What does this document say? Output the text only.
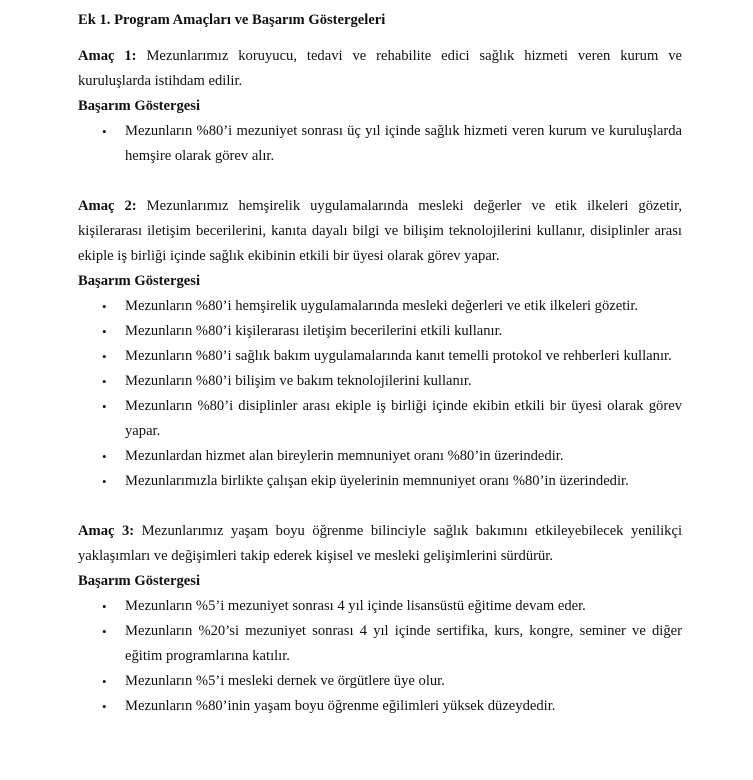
Ek 1. Program Amaçları ve Başarım Göstergeleri

Amaç 1: Mezunlarımız koruyucu, tedavi ve rehabilite edici sağlık hizmeti veren kurum ve kuruluşlarda istihdam edilir.

Başarım Göstergesi

• Mezunların %80’i mezuniyet sonrası üç yıl içinde sağlık hizmeti veren kurum ve kuruluşlarda hemşire olarak görev alır.

Amaç 2: Mezunlarımız hemşirelik uygulamalarında mesleki değerler ve etik ilkeleri gözetir, kişilerarası iletişim becerilerini, kanıta dayalı bilgi ve bilişim teknolojilerini kullanır, disiplinler arası ekiple iş birliği içinde sağlık ekibinin etkili bir üyesi olarak görev yapar.

Başarım Göstergesi

• Mezunların %80’i hemşirelik uygulamalarında mesleki değerleri ve etik ilkeleri gözetir.
• Mezunların %80’i kişilerarası iletişim becerilerini etkili kullanır.
• Mezunların %80’i sağlık bakım uygulamalarında kanıt temelli protokol ve rehberleri kullanır.
• Mezunların %80’i bilişim ve bakım teknolojilerini kullanır.
• Mezunların %80’i disiplinler arası ekiple iş birliği içinde ekibin etkili bir üyesi olarak görev yapar.
• Mezunlardan hizmet alan bireylerin memnuniyet oranı %80’in üzerindedir.
• Mezunlarımızla birlikte çalışan ekip üyelerinin memnuniyet oranı %80’in üzerindedir.

Amaç 3: Mezunlarımız yaşam boyu öğrenme bilinciyle sağlık bakımını etkileyebilecek yenilikçi yaklaşımları ve değişimleri takip ederek kişisel ve mesleki gelişimlerini sürdürür.

Başarım Göstergesi

• Mezunların %5’i mezuniyet sonrası 4 yıl içinde lisansüstü eğitime devam eder.
• Mezunların %20’si mezuniyet sonrası 4 yıl içinde sertifika, kurs, kongre, seminer ve diğer eğitim programlarına katılır.
• Mezunların %5’i mesleki dernek ve örgütlere üye olur.
• Mezunların %80’inin yaşam boyu öğrenme eğilimleri yüksek düzeydedir.
